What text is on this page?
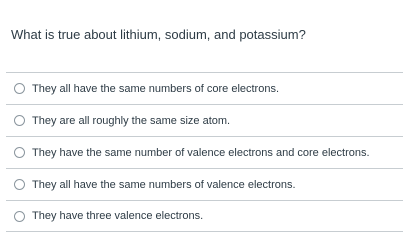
What is true about lithium, sodium, and potassium?
They all have the same numbers of core electrons.
They are all roughly the same size atom.
They have the same number of valence electrons and core electrons.
They all have the same numbers of valence electrons.
They have three valence electrons.
